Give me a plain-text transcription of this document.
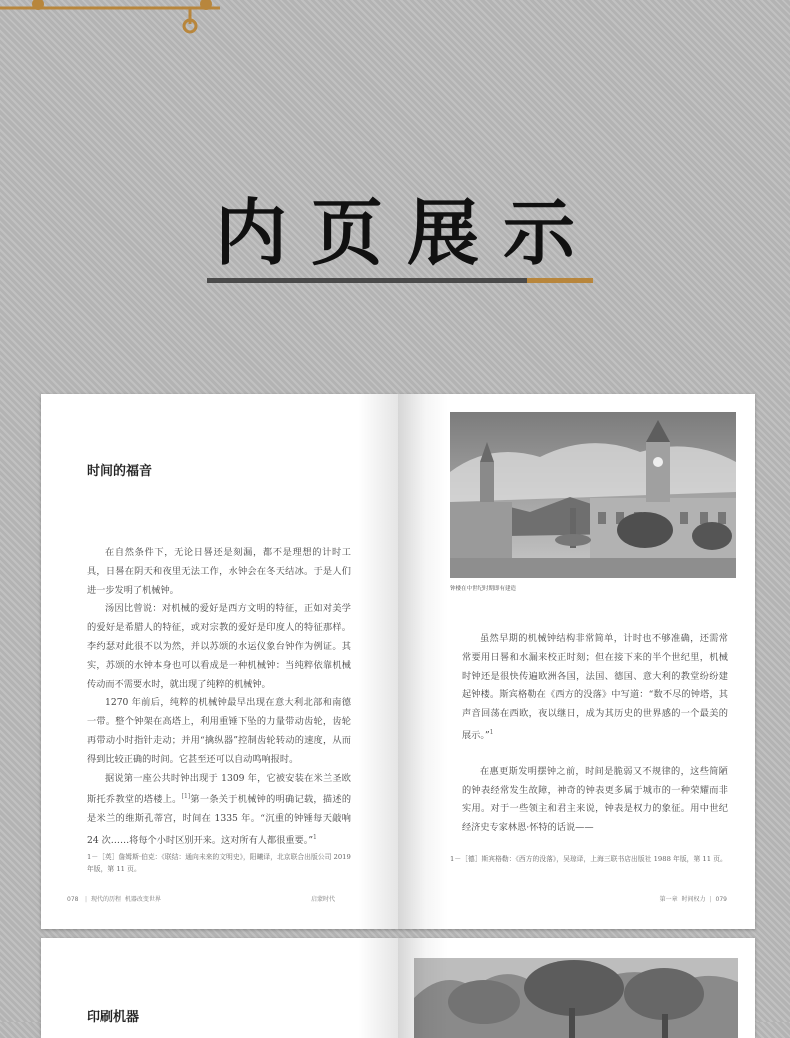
内页展示
时间的福音

在自然条件下，无论日晷还是刻漏，都不是理想的计时工具，日晷在阴天和夜里无法工作，水钟会在冬天结冰。于是人们进一步发明了机械钟。

汤因比曾说：对机械的爱好是西方文明的特征，正如对美学的爱好是希腊人的特征，或对宗教的爱好是印度人的特征那样。李约瑟对此很不以为然，并以苏颂的水运仪象台钟作为例证。其实，苏颂的水钟本身也可以看成是一种机械钟：当纯粹依靠机械传动而不需要水时，就出现了纯粹的机械钟。

1270 年前后，纯粹的机械钟最早出现在意大利北部和南德一带。整个钟架在高塔上，利用重锤下坠的力量带动齿轮，齿轮再带动小时指针走动；并用“擒纵器”控制齿轮转动的速度，从而得到比较正确的时间。它甚至还可以自动鸣响报时。

据说第一座公共时钟出现于 1309 年，它被安装在米兰圣欧斯托乔教堂的塔楼上。[1]第一条关于机械钟的明确记载，描述的是米兰的维斯孔蒂宫，时间在 1335 年。“沉重的钟锤每天敲响 24 次……将每个小时区别开来。这对所有人都很重要。”$^1$

1－［英］詹姆斯·伯克：《联结：通向未来的文明史》，阳曦译，北京联合出版公司 2019 年版，第 11 页。

078 | 现代的历程 机器改变世界	启蒙时代
钟楼在中世纪时期即有建造

虽然早期的机械钟结构非常简单，计时也不够准确，还需常常要用日晷和水漏来校正时刻；但在接下来的半个世纪里，机械时钟还是很快传遍欧洲各国，法国、德国、意大利的教堂纷纷建起钟楼。斯宾格勒在《西方的没落》中写道：“数不尽的钟塔，其声音回荡在西欧，夜以继日，成为其历史的世界感的一个最美的展示。”$^1$

在惠更斯发明摆钟之前，时间是脆弱又不规律的，这些简陋的钟表经常发生故障，神奇的钟表更多属于城市的一种荣耀而非实用。对于一些领主和君主来说，钟表是权力的象征。用中世纪经济史专家林恩·怀特的话说——

1－［德］斯宾格勒：《西方的没落》，吴琼译，上海三联书店出版社 1988 年版，第 11 页。

第一章 时间权力 | 079
印刷机器
